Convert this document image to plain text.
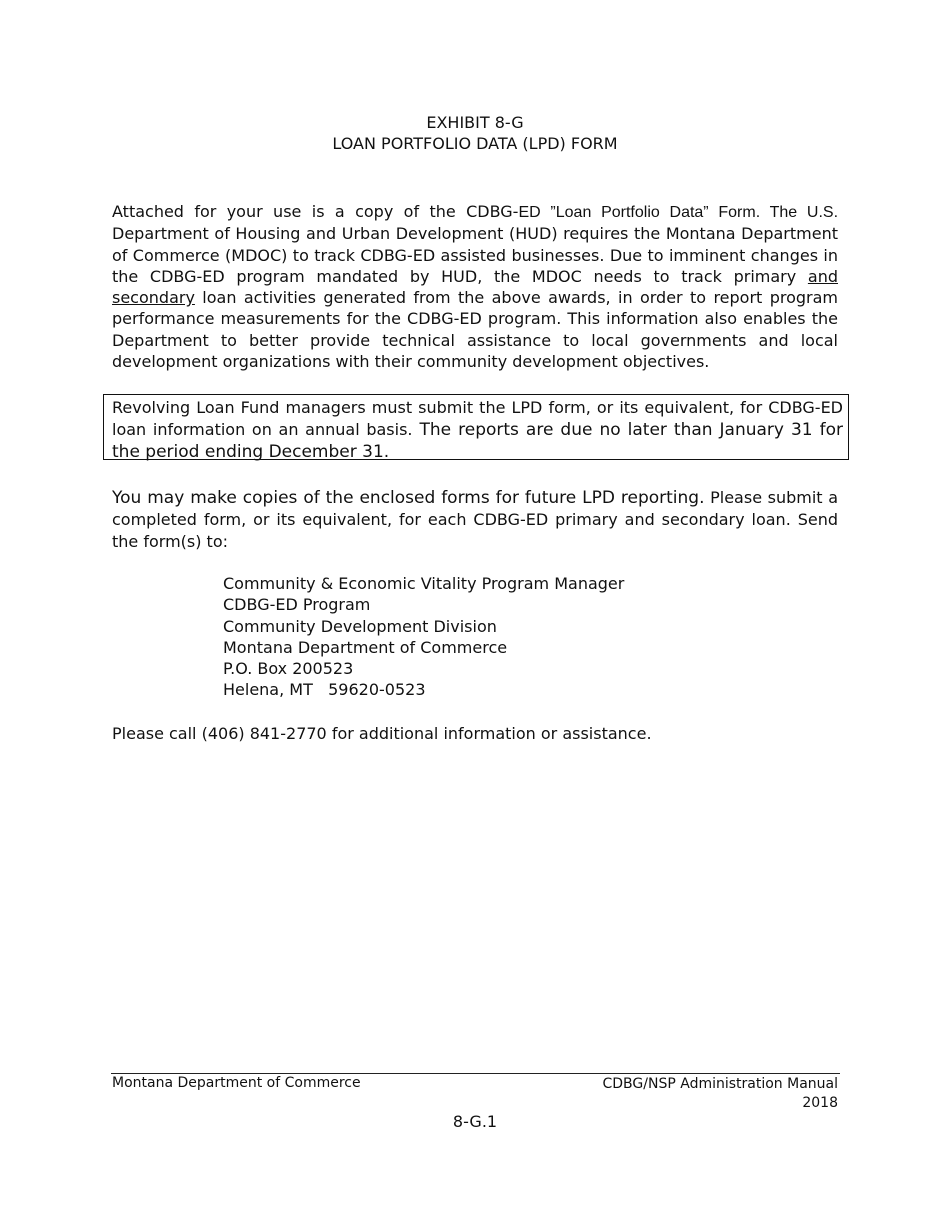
EXHIBIT 8-G
LOAN PORTFOLIO DATA (LPD) FORM
Attached for your use is a copy of the CDBG-ED ”Loan Portfolio Data” Form. The U.S. Department of Housing and Urban Development (HUD) requires the Montana Department of Commerce (MDOC) to track CDBG-ED assisted businesses. Due to imminent changes in the CDBG-ED program mandated by HUD, the MDOC needs to track primary and secondary loan activities generated from the above awards, in order to report program performance measurements for the CDBG-ED program. This information also enables the Department to better provide technical assistance to local governments and local development organizations with their community development objectives.
Revolving Loan Fund managers must submit the LPD form, or its equivalent, for CDBG-ED loan information on an annual basis. The reports are due no later than January 31 for the period ending December 31.
You may make copies of the enclosed forms for future LPD reporting. Please submit a completed form, or its equivalent, for each CDBG-ED primary and secondary loan. Send the form(s) to:
Community & Economic Vitality Program Manager
CDBG-ED Program
Community Development Division
Montana Department of Commerce
P.O. Box 200523
Helena, MT   59620-0523
Please call (406) 841-2770 for additional information or assistance.
Montana Department of Commerce	CDBG/NSP Administration Manual
2018
8-G.1
